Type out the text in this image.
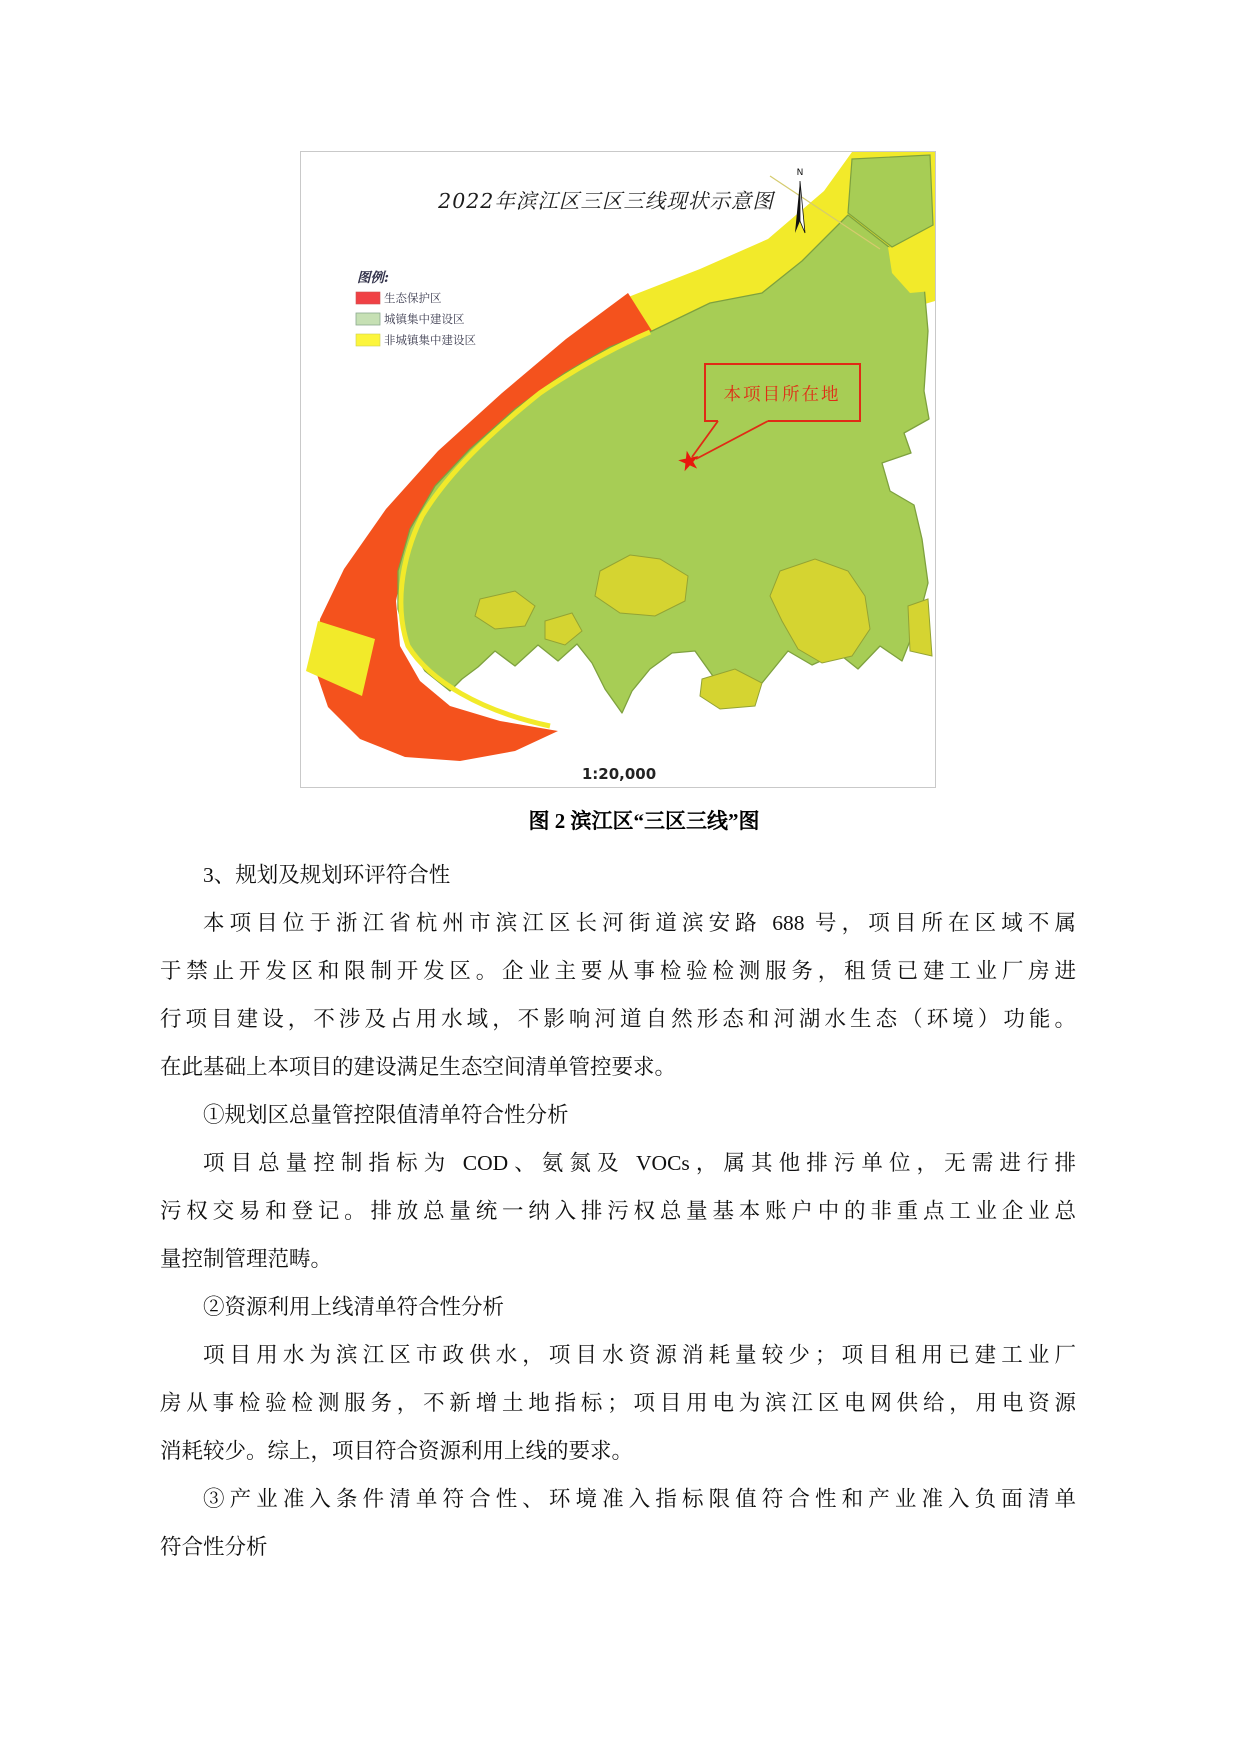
N
2022年滨江区三区三线现状示意图
图例:
生态保护区
城镇集中建设区
非城镇集中建设区
本项目所在地
★
1:20,000
图 2 滨江区“三区三线”图
3、规划及规划环评符合性
本项目位于浙江省杭州市滨江区长河街道滨安路 688 号，项目所在区域不属
于禁止开发区和限制开发区。企业主要从事检验检测服务，租赁已建工业厂房进
行项目建设，不涉及占用水域，不影响河道自然形态和河湖水生态（环境）功能。
在此基础上本项目的建设满足生态空间清单管控要求。
①规划区总量管控限值清单符合性分析
项目总量控制指标为 COD、氨氮及 VOCs，属其他排污单位，无需进行排
污权交易和登记。排放总量统一纳入排污权总量基本账户中的非重点工业企业总
量控制管理范畴。
②资源利用上线清单符合性分析
项目用水为滨江区市政供水，项目水资源消耗量较少；项目租用已建工业厂
房从事检验检测服务，不新增土地指标；项目用电为滨江区电网供给，用电资源
消耗较少。综上，项目符合资源利用上线的要求。
③产业准入条件清单符合性、环境准入指标限值符合性和产业准入负面清单
符合性分析
